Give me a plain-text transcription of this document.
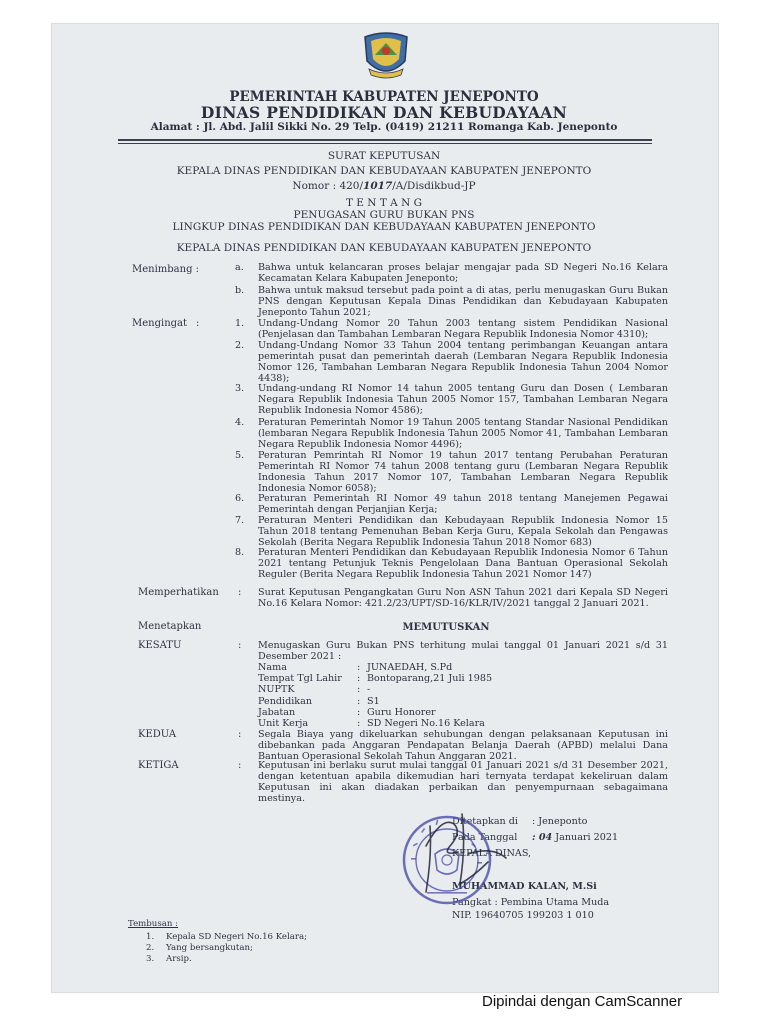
PEMERINTAH KABUPATEN JENEPONTO
DINAS PENDIDIKAN DAN KEBUDAYAAN
Alamat : Jl. Abd. Jalil Sikki No. 29 Telp. (0419) 21211 Romanga Kab. Jeneponto
SURAT KEPUTUSAN
KEPALA DINAS PENDIDIKAN DAN KEBUDAYAAN KABUPATEN JENEPONTO
Nomor : 420/1017/A/Disdikbud-JP
T E N T A N G
PENUGASAN GURU BUKAN PNS
LINGKUP DINAS PENDIDIKAN DAN KEBUDAYAAN KABUPATEN JENEPONTO
KEPALA DINAS PENDIDIKAN DAN KEBUDAYAAN KABUPATEN JENEPONTO
Menimbang :	a. Bahwa untuk kelancaran proses belajar mengajar pada SD Negeri No.16 Kelara Kecamatan Kelara Kabupaten Jeneponto;
b. Bahwa untuk maksud tersebut pada point a di atas, perlu menugaskan Guru Bukan PNS dengan Keputusan Kepala Dinas Pendidikan dan Kebudayaan Kabupaten Jeneponto Tahun 2021;
Mengingat :	1. Undang-Undang Nomor 20 Tahun 2003 tentang sistem Pendidikan Nasional (Penjelasan dan Tambahan Lembaran Negara Republik Indonesia Nomor 4310);
2. Undang-Undang Nomor 33 Tahun 2004 tentang perimbangan Keuangan antara pemerintah pusat dan pemerintah daerah (Lembaran Negara Republik Indonesia Nomor 126, Tambahan Lembaran Negara Republik Indonesia Tahun 2004 Nomor 4438);
3. Undang-undang RI Nomor 14 tahun 2005 tentang Guru dan Dosen ( Lembaran Negara Republik Indonesia Tahun 2005 Nomor 157, Tambahan Lembaran Negara Republik Indonesia Nomor 4586);
4. Peraturan Pemerintah Nomor 19 Tahun 2005 tentang Standar Nasional Pendidikan (lembaran Negara Republik Indonesia Tahun 2005 Nomor 41, Tambahan Lembaran Negara Republik Indonesia Nomor 4496);
5. Peraturan Pemrintah RI Nomor 19 tahun 2017 tentang Perubahan Peraturan Pemerintah RI Nomor 74 tahun 2008 tentang guru (Lembaran Negara Republik Indonesia Tahun 2017 Nomor 107, Tambahan Lembaran Negara Republik Indonesia Nomor 6058);
6. Peraturan Pemerintah RI Nomor 49 tahun 2018 tentang Manejemen Pegawai Pemerintah dengan Perjanjian Kerja;
7. Peraturan Menteri Pendidikan dan Kebudayaan Republik Indonesia Nomor 15 Tahun 2018 tentang Pemenuhan Beban Kerja Guru, Kepala Sekolah dan Pengawas Sekolah (Berita Negara Republik Indonesia Tahun 2018 Nomor 683)
8. Peraturan Menteri Pendidikan dan Kebudayaan Republik Indonesia Nomor 6 Tahun 2021 tentang Petunjuk Teknis Pengelolaan Dana Bantuan Operasional Sekolah Reguler (Berita Negara Republik Indonesia Tahun 2021 Nomor 147)
Memperhatikan : Surat Keputusan Pengangkatan Guru Non ASN Tahun 2021 dari Kepala SD Negeri No.16 Kelara Nomor: 421.2/23/UPT/SD-16/KLR/IV/2021 tanggal 2 Januari 2021.
Menetapkan	MEMUTUSKAN
KESATU	: Menugaskan Guru Bukan PNS terhitung mulai tanggal 01 Januari 2021 s/d 31 Desember 2021 :
Nama	: JUNAEDAH, S.Pd
Tempat Tgl Lahir : Bontoparang,21 Juli 1985
NUPTK	: -
Pendidikan	: S1
Jabatan	: Guru Honorer
Unit Kerja	: SD Negeri No.16 Kelara
KEDUA	: Segala Biaya yang dikeluarkan sehubungan dengan pelaksanaan Keputusan ini dibebankan pada Anggaran Pendapatan Belanja Daerah (APBD) melalui Dana Bantuan Operasional Sekolah Tahun Anggaran 2021.
KETIGA	: Keputusan ini berlaku surut mulai tanggal 01 Januari 2021 s/d 31 Desember 2021, dengan ketentuan apabila dikemudian hari ternyata terdapat kekeliruan dalam Keputusan ini akan diadakan perbaikan dan penyempurnaan sebagaimana mestinya.
Ditetapkan di : Jeneponto
Pada Tanggal : 04 Januari 2021
KEPALA DINAS,
MUHAMMAD KALAN, M.Si
Pangkat : Pembina Utama Muda
NIP. 19640705 199203 1 010
Tembusan :
1. Kepala SD Negeri No.16 Kelara;
2. Yang bersangkutan;
3. Arsip.
Dipindai dengan CamScanner
